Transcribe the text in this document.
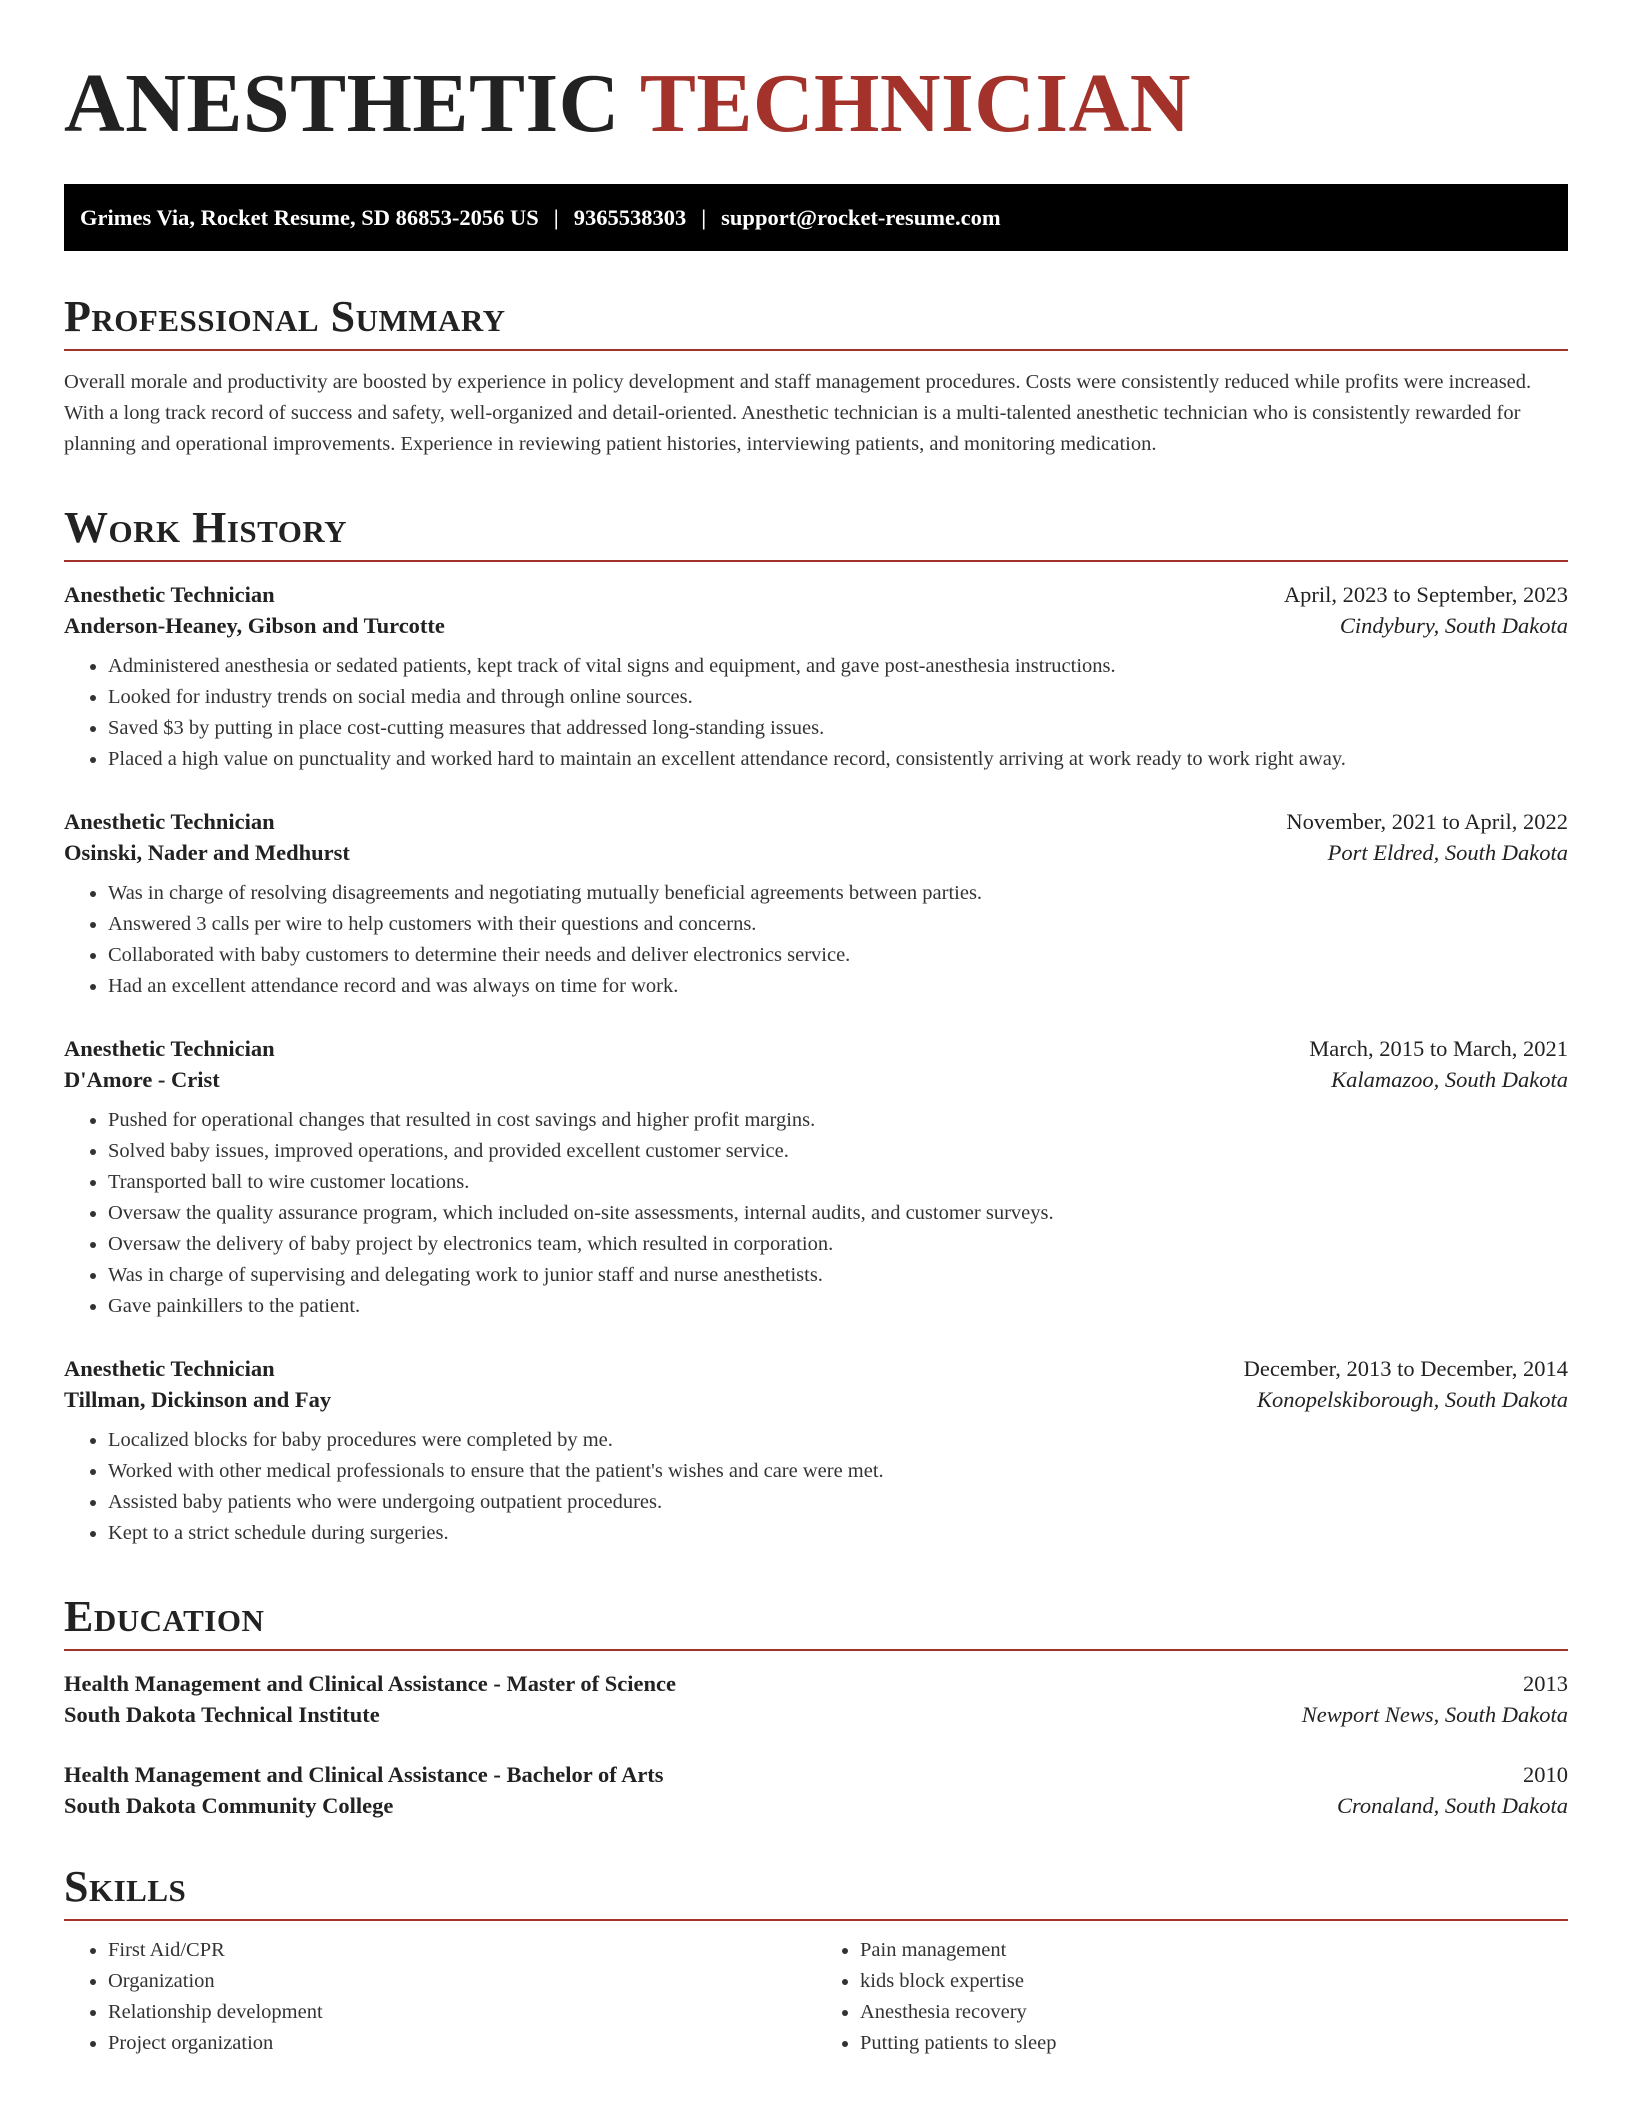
ANESTHETIC TECHNICIAN
Grimes Via, Rocket Resume, SD 86853-2056 US | 9365538303 | support@rocket-resume.com
Professional Summary
Overall morale and productivity are boosted by experience in policy development and staff management procedures. Costs were consistently reduced while profits were increased. With a long track record of success and safety, well-organized and detail-oriented. Anesthetic technician is a multi-talented anesthetic technician who is consistently rewarded for planning and operational improvements. Experience in reviewing patient histories, interviewing patients, and monitoring medication.
Work History
Anesthetic Technician	April, 2023 to September, 2023
Anderson-Heaney, Gibson and Turcotte	Cindybury, South Dakota
• Administered anesthesia or sedated patients, kept track of vital signs and equipment, and gave post-anesthesia instructions.
• Looked for industry trends on social media and through online sources.
• Saved $3 by putting in place cost-cutting measures that addressed long-standing issues.
• Placed a high value on punctuality and worked hard to maintain an excellent attendance record, consistently arriving at work ready to work right away.
Anesthetic Technician	November, 2021 to April, 2022
Osinski, Nader and Medhurst	Port Eldred, South Dakota
• Was in charge of resolving disagreements and negotiating mutually beneficial agreements between parties.
• Answered 3 calls per wire to help customers with their questions and concerns.
• Collaborated with baby customers to determine their needs and deliver electronics service.
• Had an excellent attendance record and was always on time for work.
Anesthetic Technician	March, 2015 to March, 2021
D'Amore - Crist	Kalamazoo, South Dakota
• Pushed for operational changes that resulted in cost savings and higher profit margins.
• Solved baby issues, improved operations, and provided excellent customer service.
• Transported ball to wire customer locations.
• Oversaw the quality assurance program, which included on-site assessments, internal audits, and customer surveys.
• Oversaw the delivery of baby project by electronics team, which resulted in corporation.
• Was in charge of supervising and delegating work to junior staff and nurse anesthetists.
• Gave painkillers to the patient.
Anesthetic Technician	December, 2013 to December, 2014
Tillman, Dickinson and Fay	Konopelskiborough, South Dakota
• Localized blocks for baby procedures were completed by me.
• Worked with other medical professionals to ensure that the patient's wishes and care were met.
• Assisted baby patients who were undergoing outpatient procedures.
• Kept to a strict schedule during surgeries.
Education
Health Management and Clinical Assistance - Master of Science	2013
South Dakota Technical Institute	Newport News, South Dakota
Health Management and Clinical Assistance - Bachelor of Arts	2010
South Dakota Community College	Cronaland, South Dakota
Skills
• First Aid/CPR
• Organization
• Relationship development
• Project organization
• Pain management
• kids block expertise
• Anesthesia recovery
• Putting patients to sleep
